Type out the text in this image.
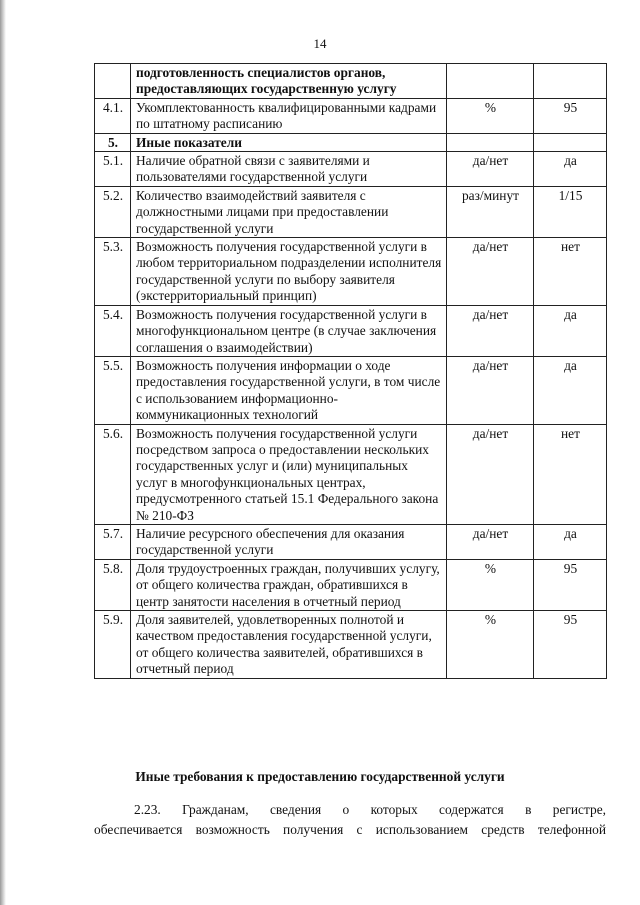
14
	подготовленность специалистов органов, предоставляющих государственную услугу		
4.1.	Укомплектованность квалифицированными кадрами по штатному расписанию	%	95
5.	Иные показатели		
5.1.	Наличие обратной связи с заявителями и пользователями государственной услуги	да/нет	да
5.2.	Количество взаимодействий заявителя с должностными лицами при предоставлении государственной услуги	раз/минут	1/15
5.3.	Возможность получения государственной услуги в любом территориальном подразделении исполнителя государственной услуги по выбору заявителя (экстерриториальный принцип)	да/нет	нет
5.4.	Возможность получения государственной услуги в многофункциональном центре (в случае заключения соглашения о взаимодействии)	да/нет	да
5.5.	Возможность получения информации о ходе предоставления государственной услуги, в том числе с использованием информационно-коммуникационных технологий	да/нет	да
5.6.	Возможность получения государственной услуги посредством запроса о предоставлении нескольких государственных услуг и (или) муниципальных услуг в многофункциональных центрах, предусмотренного статьей 15.1 Федерального закона № 210-ФЗ	да/нет	нет
5.7.	Наличие ресурсного обеспечения для оказания государственной услуги	да/нет	да
5.8.	Доля трудоустроенных граждан, получивших услугу, от общего количества граждан, обратившихся в центр занятости населения в отчетный период	%	95
5.9.	Доля заявителей, удовлетворенных полнотой и качеством предоставления государственной услуги, от общего количества заявителей, обратившихся в отчетный период	%	95
Иные требования к предоставлению государственной услуги
2.23. Гражданам, сведения о которых содержатся в регистре,
обеспечивается возможность получения с использованием средств телефонной
